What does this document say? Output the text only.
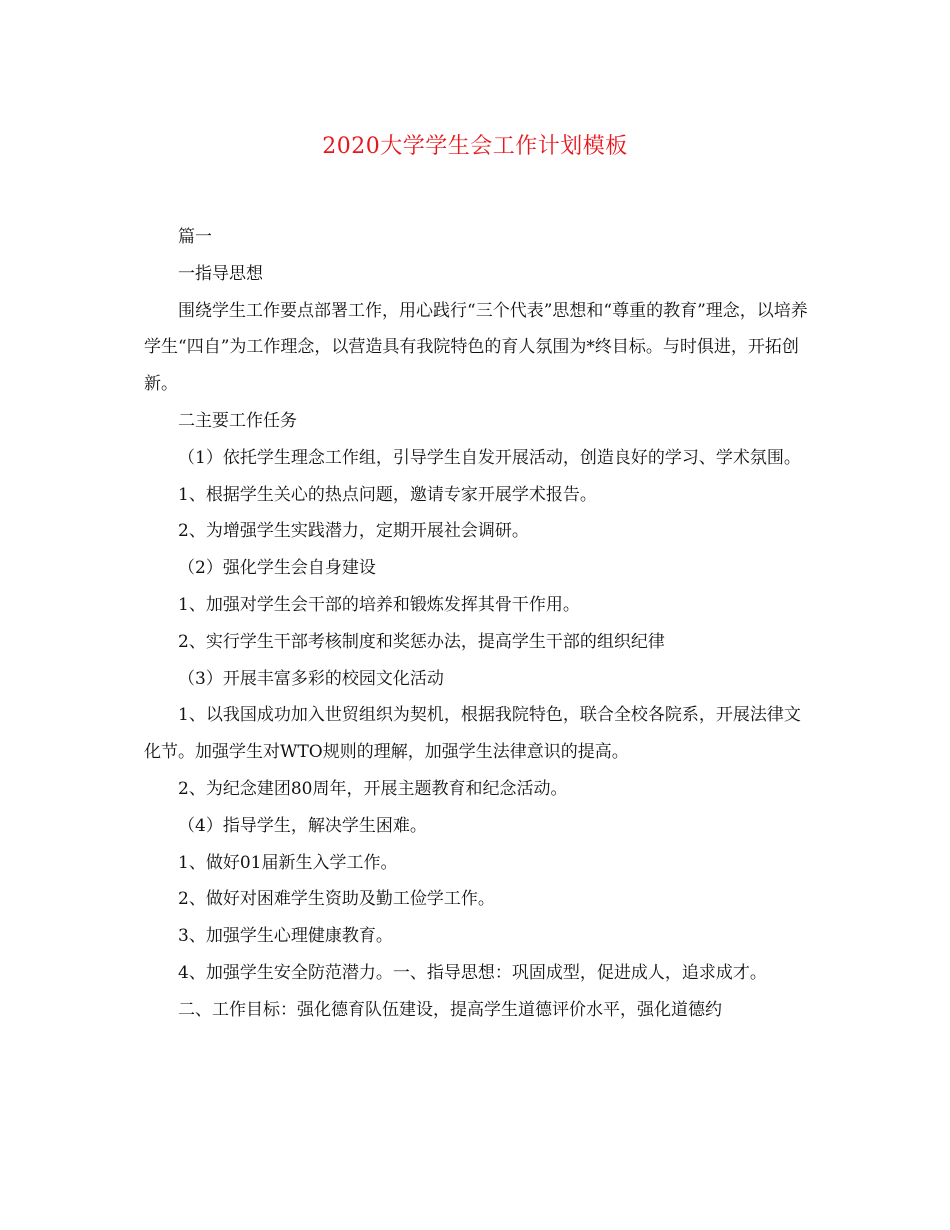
2020大学学生会工作计划模板

篇一

一指导思想

围绕学生工作要点部署工作，用心践行“三个代表”思想和“尊重的教育”理念，以培养学生“四自”为工作理念，以营造具有我院特色的育人氛围为*终目标。与时俱进，开拓创新。

二主要工作任务

（1）依托学生理念工作组，引导学生自发开展活动，创造良好的学习、学术氛围。

1、根据学生关心的热点问题，邀请专家开展学术报告。

2、为增强学生实践潜力，定期开展社会调研。

（2）强化学生会自身建设

1、加强对学生会干部的培养和锻炼发挥其骨干作用。

2、实行学生干部考核制度和奖惩办法，提高学生干部的组织纪律

（3）开展丰富多彩的校园文化活动

1、以我国成功加入世贸组织为契机，根据我院特色，联合全校各院系，开展法律文化节。加强学生对WTO规则的理解，加强学生法律意识的提高。

2、为纪念建团80周年，开展主题教育和纪念活动。

（4）指导学生，解决学生困难。

1、做好01届新生入学工作。

2、做好对困难学生资助及勤工俭学工作。

3、加强学生心理健康教育。

4、加强学生安全防范潜力。一、指导思想：巩固成型，促进成人，追求成才。

二、工作目标：强化德育队伍建设，提高学生道德评价水平，强化道德约
